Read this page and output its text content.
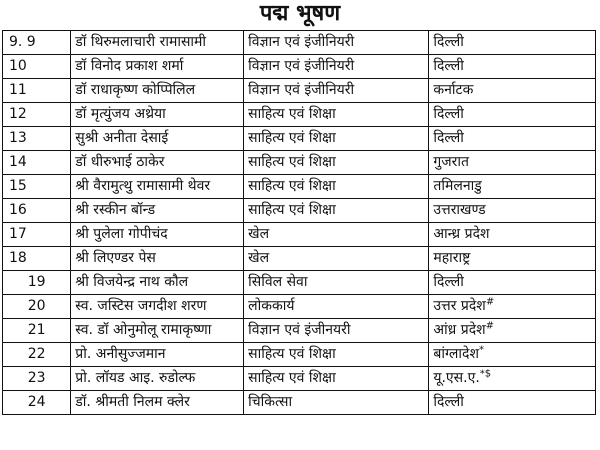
पद्म भूषण
9. 9	डॉ थिरुमलाचारी रामासामी	विज्ञान एवं इंजीनियरी	दिल्ली
10	डॉ विनोद प्रकाश शर्मा	विज्ञान एवं इंजीनियरी	दिल्ली
11	डॉ राधाकृष्ण कोप्पिलिल	विज्ञान एवं इंजीनियरी	कर्नाटक
12	डॉ मृत्युंजय अथ्रेया	साहित्य एवं शिक्षा	दिल्ली
13	सुश्री अनीता देसाई	साहित्य एवं शिक्षा	दिल्ली
14	डॉ धीरुभाई ठाकेर	साहित्य एवं शिक्षा	गुजरात
15	श्री वैरामुत्थु रामासामी थेवर	साहित्य एवं शिक्षा	तमिलनाडु
16	श्री रस्कीन बॉन्ड	साहित्य एवं शिक्षा	उत्तराखण्ड
17	श्री पुलेला गोपीचंद	खेल	आन्ध्र प्रदेश
18	श्री लिएण्डर पेस	खेल	महाराष्ट्र
19	श्री विजयेन्द्र नाथ कौल	सिविल सेवा	दिल्ली
20	स्व. जस्टिस जगदीश शरण	लोककार्य	उत्तर प्रदेश#
21	स्व. डॉ ओनुमोलू रामाकृष्णा	विज्ञान एवं इंजीनयरी	आंध्र प्रदेश#
22	प्रो. अनीसुज्जमान	साहित्य एवं शिक्षा	बांग्लादेश*
23	प्रो. लॉयड आइ. रुडोल्फ	साहित्य एवं शिक्षा	यू.एस.ए.*$
24	डॉ. श्रीमती निलम क्लेर	चिकित्सा	दिल्ली
